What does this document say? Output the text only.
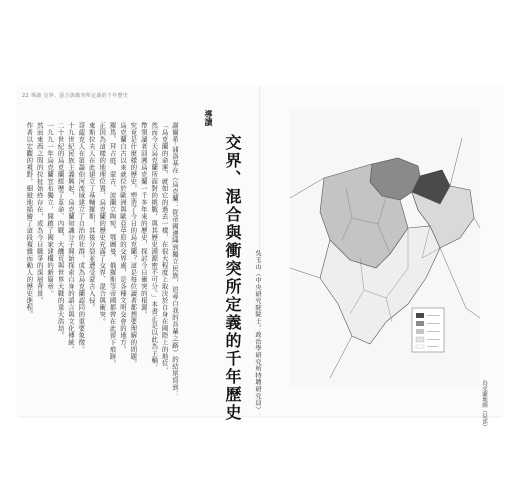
22 導讀 交界、混合與衝突所定義的千年歷史
導讀
交界、混合與衝突所定義的千年歷史	吳玉山（中央研究院院士、政治學研究所特聘研究員）
謝爾希‧浦洛基在《烏克蘭：從帝國邊陲到獨立民族，追尋自我的吾輩之路》的結尾寫到：
「烏克蘭的命運，就如它的過去一樣，在很大程度上取決於自身在國際上的地位，
然而今天烏克蘭所面對的挑戰，與其歷史淵源密不可分。」本書正是以此為主軸，
帶領讀者回溯烏克蘭一千多年來的歷史，探討今日衝突的根源。
究竟是什麼樣的歷史，塑造了今日的烏克蘭？這是每位讀者都想要理解的問題。
烏克蘭自古以來就位於歐洲與歐亞草原的交界處，是各種文明交會的地方。
羅馬、拜占庭、蒙古、波蘭立陶宛、鄂圖曼、俄羅斯等帝國都曾在此留下痕跡。
正因為這樣的地理位置，烏克蘭的歷史充滿了交界、混合與衝突。
東斯拉夫人在此建立了基輔羅斯，其後分裂並遭受蒙古入侵。
哥薩克人在第聶伯河流域建立了自治的社群，成為烏克蘭認同的重要象徵。
十九世紀民族主義興起，烏克蘭知識分子開始探索自身的語言與文化傳統。
二十世紀的烏克蘭經歷了革命、內戰、大饑荒與世界大戰的重大浩劫。
一九九一年烏克蘭宣布獨立，開啟了國家建構的新篇章。
然而東西之間的拉扯始終存在，成為今日戰爭的深層背景。
作者以宏觀的視野，細緻地描繪了這段複雜而動人的歷史進程。
鳥克蘭地圖（局部）
